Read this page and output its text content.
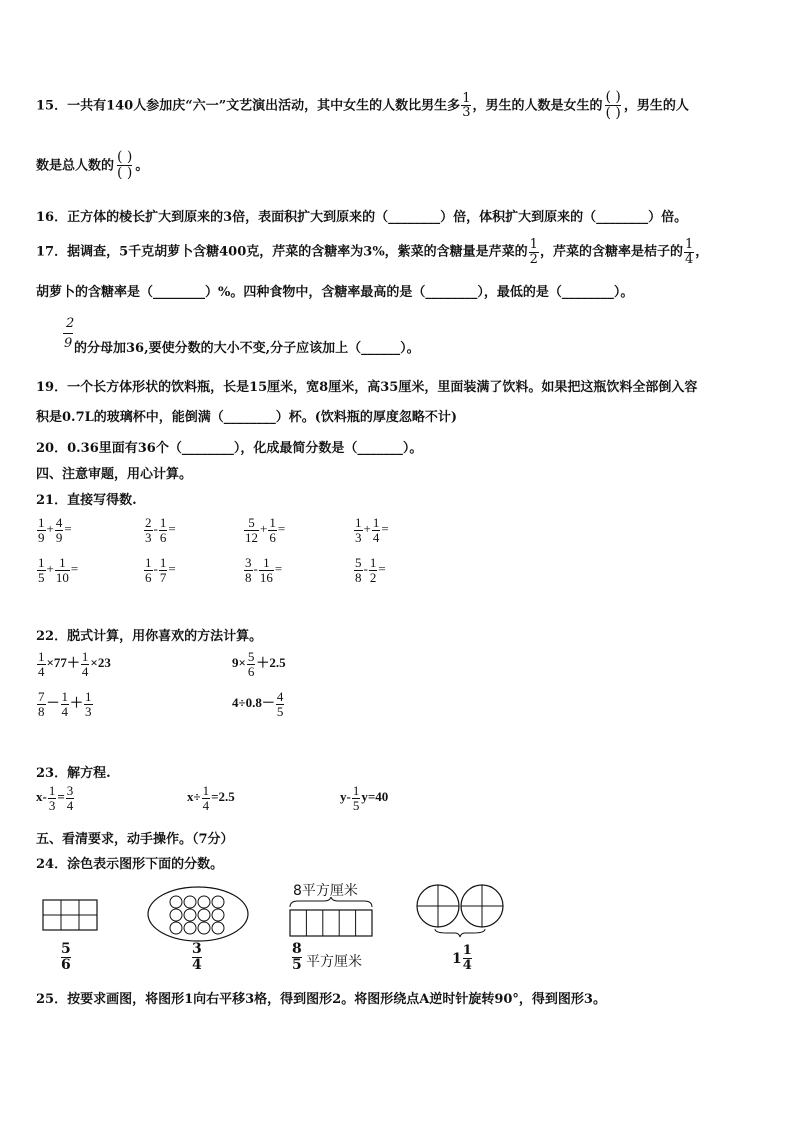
15．一共有140人参加庆“六一”文艺演出活动，其中女生的人数比男生多 $\frac{1}{3}$ ，男生的人数是女生的 $\frac{( )}{( )}$ ，男生的人
数是总人数的 $\frac{( )}{( )}$ 。
16．正方体的棱长扩大到原来的3倍，表面积扩大到原来的（________）倍，体积扩大到原来的（________）倍。
17．据调查，5千克胡萝卜含糖400克，芹菜的含糖率为3%，紫菜的含糖量是芹菜的 $\frac{1}{2}$ ，芹菜的含糖率是桔子的 $\frac{1}{4}$ ，
胡萝卜的含糖率是（________）%。四种食物中，含糖率最高的是（________），最低的是（________）。
$\frac{2}{9}$ 的分母加36,要使分数的大小不变,分子应该加上（______）。
19．一个长方体形状的饮料瓶，长是15厘米，宽8厘米，高35厘米，里面装满了饮料。如果把这瓶饮料全部倒入容
积是0.7L的玻璃杯中，能倒满（________）杯。(饮料瓶的厚度忽略不计)
20．0.36里面有36个（________），化成最简分数是（_______）。
四、注意审题，用心计算。
21．直接写得数.
$\frac{1}{9} + \frac{4}{9}$ =	$\frac{2}{3} - \frac{1}{6}$ =	$\frac{5}{12} + \frac{1}{6}$ =	$\frac{1}{3} + \frac{1}{4}$ =
$\frac{1}{5} + \frac{1}{10}$ =	$\frac{1}{6} - \frac{1}{7}$ =	$\frac{3}{8} - \frac{1}{16}$ =	$\frac{5}{8} - \frac{1}{2}$ =
22．脱式计算，用你喜欢的方法计算。
$\frac{1}{4} \times 77+ \frac{1}{4} \times 23$	$9\times \frac{5}{6} +2.5$
$\frac{7}{8} - \frac{1}{4} + \frac{1}{3}$	$4\div 0.8- \frac{4}{5}$
23．解方程.
$x- \frac{1}{3} = \frac{3}{4}$	$x\div \frac{1}{4} =2.5$	$y- \frac{1}{5} y=40$
五、看清要求，动手操作。（7分）
24．涂色表示图形下面的分数。
$\frac{5}{6}$	$\frac{3}{4}$
8平方厘米
$\frac{8}{5}$ 平方厘米	$1 \frac{1}{4}$
25．按要求画图，将图形1向右平移3格，得到图形2。将图形绕点A逆时针旋转90°，得到图形3。
